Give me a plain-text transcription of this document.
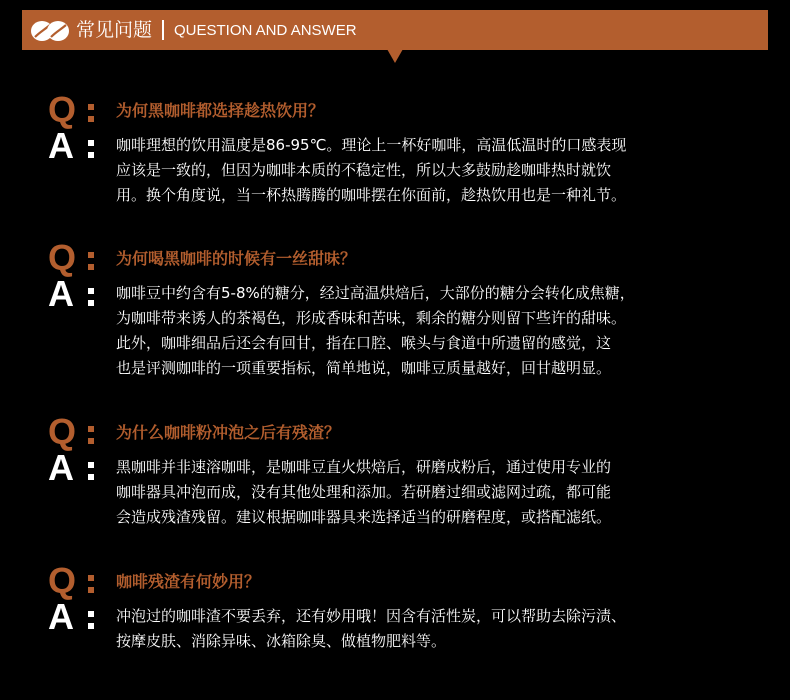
常见问题 QUESTION AND ANSWER
Q 为何黑咖啡都选择趁热饮用？
A	咖啡理想的饮用温度是86-95℃。理论上一杯好咖啡，高温低温时的口感表现
应该是一致的，但因为咖啡本质的不稳定性，所以大多鼓励趁咖啡热时就饮
用。换个角度说，当一杯热腾腾的咖啡摆在你面前，趁热饮用也是一种礼节。
Q 为何喝黑咖啡的时候有一丝甜味？
A	咖啡豆中约含有5-8%的糖分，经过高温烘焙后，大部份的糖分会转化成焦糖，
为咖啡带来诱人的茶褐色，形成香味和苦味，剩余的糖分则留下些许的甜味。
此外，咖啡细品后还会有回甘，指在口腔、喉头与食道中所遗留的感觉，这
也是评测咖啡的一项重要指标，简单地说，咖啡豆质量越好，回甘越明显。
Q 为什么咖啡粉冲泡之后有残渣？
A	黑咖啡并非速溶咖啡，是咖啡豆直火烘焙后，研磨成粉后，通过使用专业的
咖啡器具冲泡而成，没有其他处理和添加。若研磨过细或滤网过疏，都可能
会造成残渣残留。建议根据咖啡器具来选择适当的研磨程度，或搭配滤纸。
Q 咖啡残渣有何妙用？
A	冲泡过的咖啡渣不要丢弃，还有妙用哦！因含有活性炭，可以帮助去除污渍、
按摩皮肤、消除异味、冰箱除臭、做植物肥料等。
